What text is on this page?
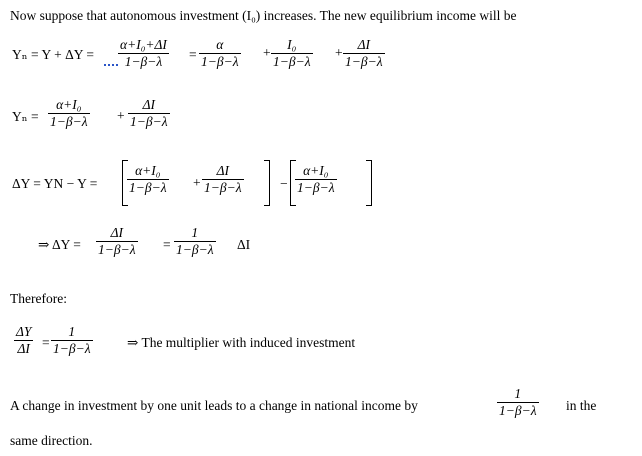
Now suppose that autonomous investment (I₀) increases. The new equilibrium income will be
$Y_n = Y + \Delta Y = \frac{\text{α+I₀+ΔI}}{1-\beta-\lambda} = \frac{\alpha}{1-\beta-\lambda} + \frac{\text{I₀}}{1-\beta-\lambda} + \frac{\Delta I}{1-\beta-\lambda}$
$Y_n = \frac{\text{α+I₀}}{1-\beta-\lambda} + \frac{\Delta I}{1-\beta-\lambda}$
ΔY = YN − $Y = \frac{\text{α+I₀}}{1-\beta-\lambda} + \frac{\Delta I}{1-\beta-\lambda}$	− $\frac{\text{α+I₀}}{1-\beta-\lambda}$
⇒ $\Delta Y = \frac{\Delta I}{1-\beta-\lambda} = \frac{1}{1-\beta-\lambda}$ ΔI
Therefore:
$\frac{\Delta Y}{\Delta I} = \frac{1}{1-\beta-\lambda}$	⇒ The multiplier with induced investment
A change in investment by one unit leads to a change in national income by	$\frac{1}{1-\beta-\lambda}$ in the
same direction.
